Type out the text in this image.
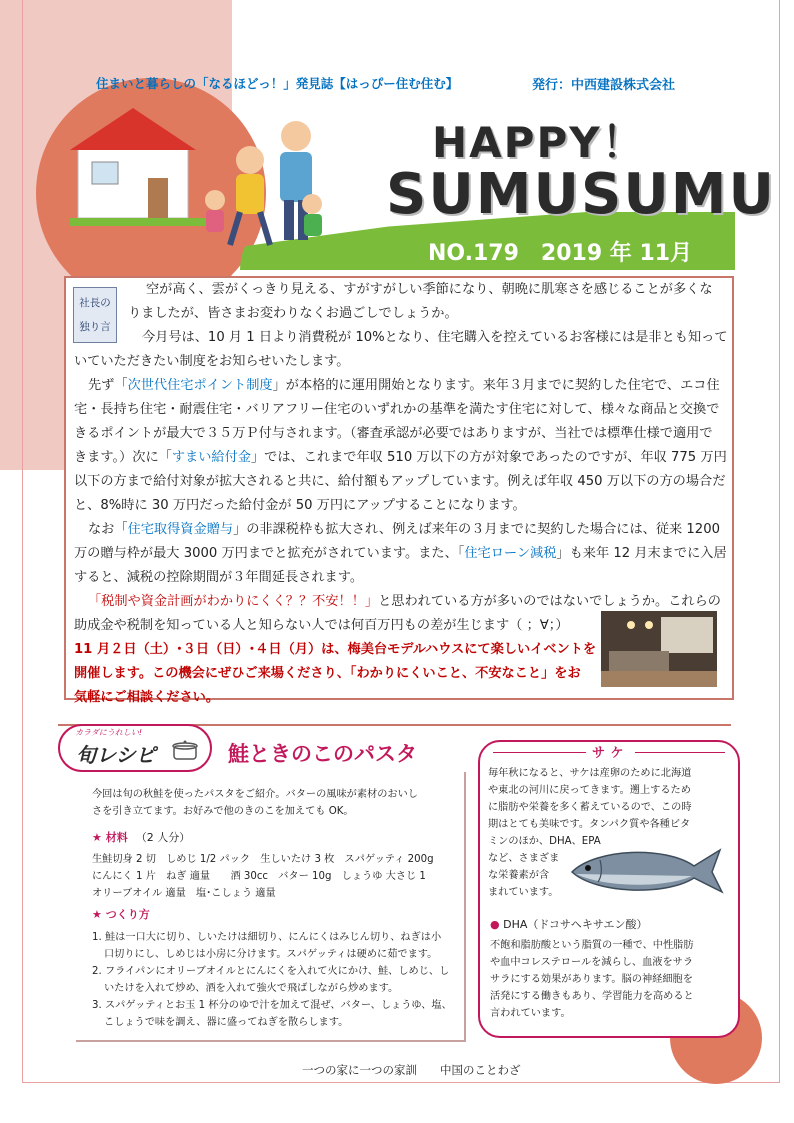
住まいと暮らしの「なるほどっ！」発見誌【はっぴー住む住む】	発行：中西建設株式会社
HAPPY！
SUMUSUMU
NO.179　2019 年 11月
社長の
独り言
空が高く、雲がくっきり見える、すがすがしい季節になり、朝晩に肌寒さを感じることが多くな
りましたが、皆さまお変わりなくお過ごしでしょうか。
今月号は、10 月 1 日より消費税が 10%となり、住宅購入を控えているお客様には是非とも知って
いていただきたい制度をお知らせいたします。
先ず「次世代住宅ポイント制度」が本格的に運用開始となります。来年３月までに契約した住宅で、エコ住
宅・長持ち住宅・耐震住宅・バリアフリー住宅のいずれかの基準を満たす住宅に対して、様々な商品と交換で
きるポイントが最大で３５万Ｐ付与されます。（審査承認が必要ではありますが、当社では標準仕様で適用で
きます。）次に「すまい給付金」では、これまで年収 510 万以下の方が対象であったのですが、年収 775 万円
以下の方まで給付対象が拡大されると共に、給付額もアップしています。例えば年収 450 万以下の方の場合だ
と、8%時に 30 万円だった給付金が 50 万円にアップすることになります。
なお「住宅取得資金贈与」の非課税枠も拡大され、例えば来年の３月までに契約した場合には、従来 1200
万の贈与枠が最大 3000 万円までと拡充がされています。また、「住宅ローン減税」も来年 12 月末までに入居
すると、減税の控除期間が３年間延長されます。
「税制や資金計画がわかりにくく？？不安！！」と思われている方が多いのではないでしょうか。これらの
助成金や税制を知っている人と知らない人では何百万円もの差が生じます（ ；∀；）
11 月２日（土）･３日（日）･４日（月）は、梅美台モデルハウスにて楽しいイベントを
開催します。この機会にぜひご来場くださり、「わかりにくいこと、不安なこと」をお
気軽にご相談ください。
カラダにうれしい!
旬レシピ	鮭ときのこのパスタ
今回は旬の秋鮭を使ったパスタをご紹介。バターの風味が素材のおいし
さを引き立てます。お好みで他のきのこを加えても OK。
★ 材料 （2 人分）
生鮭切身 2 切　しめじ 1/2 パック　生しいたけ 3 枚　スパゲッティ 200g
にんにく 1 片　ねぎ 適量　　酒 30cc　バター 10g　しょうゆ 大さじ 1
オリーブオイル 適量　塩･こしょう 適量
★ つくり方
1. 鮭は一口大に切り、しいたけは細切り、にんにくはみじん切り、ねぎは小
口切りにし、しめじは小房に分けます。スパゲッティは硬めに茹でます。
2. フライパンにオリーブオイルとにんにくを入れて火にかけ、鮭、しめじ、し
いたけを入れて炒め、酒を入れて強火で飛ばしながら炒めます。
3. スパゲッティとお玉 1 杯分のゆで汁を加えて混ぜ、バター、しょうゆ、塩、
こしょうで味を調え、器に盛ってねぎを散らします。
サケ
毎年秋になると、サケは産卵のために北海道
や東北の河川に戻ってきます。遡上するため
に脂肪や栄養を多く蓄えているので、この時
期はとても美味です。タンパク質や各種ビタ
ミンのほか、DHA、EPA
など、さまざま
な栄養素が含
まれています。
● DHA（ドコサヘキサエン酸）
不飽和脂肪酸という脂質の一種で、中性脂肪
や血中コレステロールを減らし、血液をサラ
サラにする効果があります。脳の神経細胞を
活発にする働きもあり、学習能力を高めると
言われています。
一つの家に一つの家訓　　中国のことわざ
